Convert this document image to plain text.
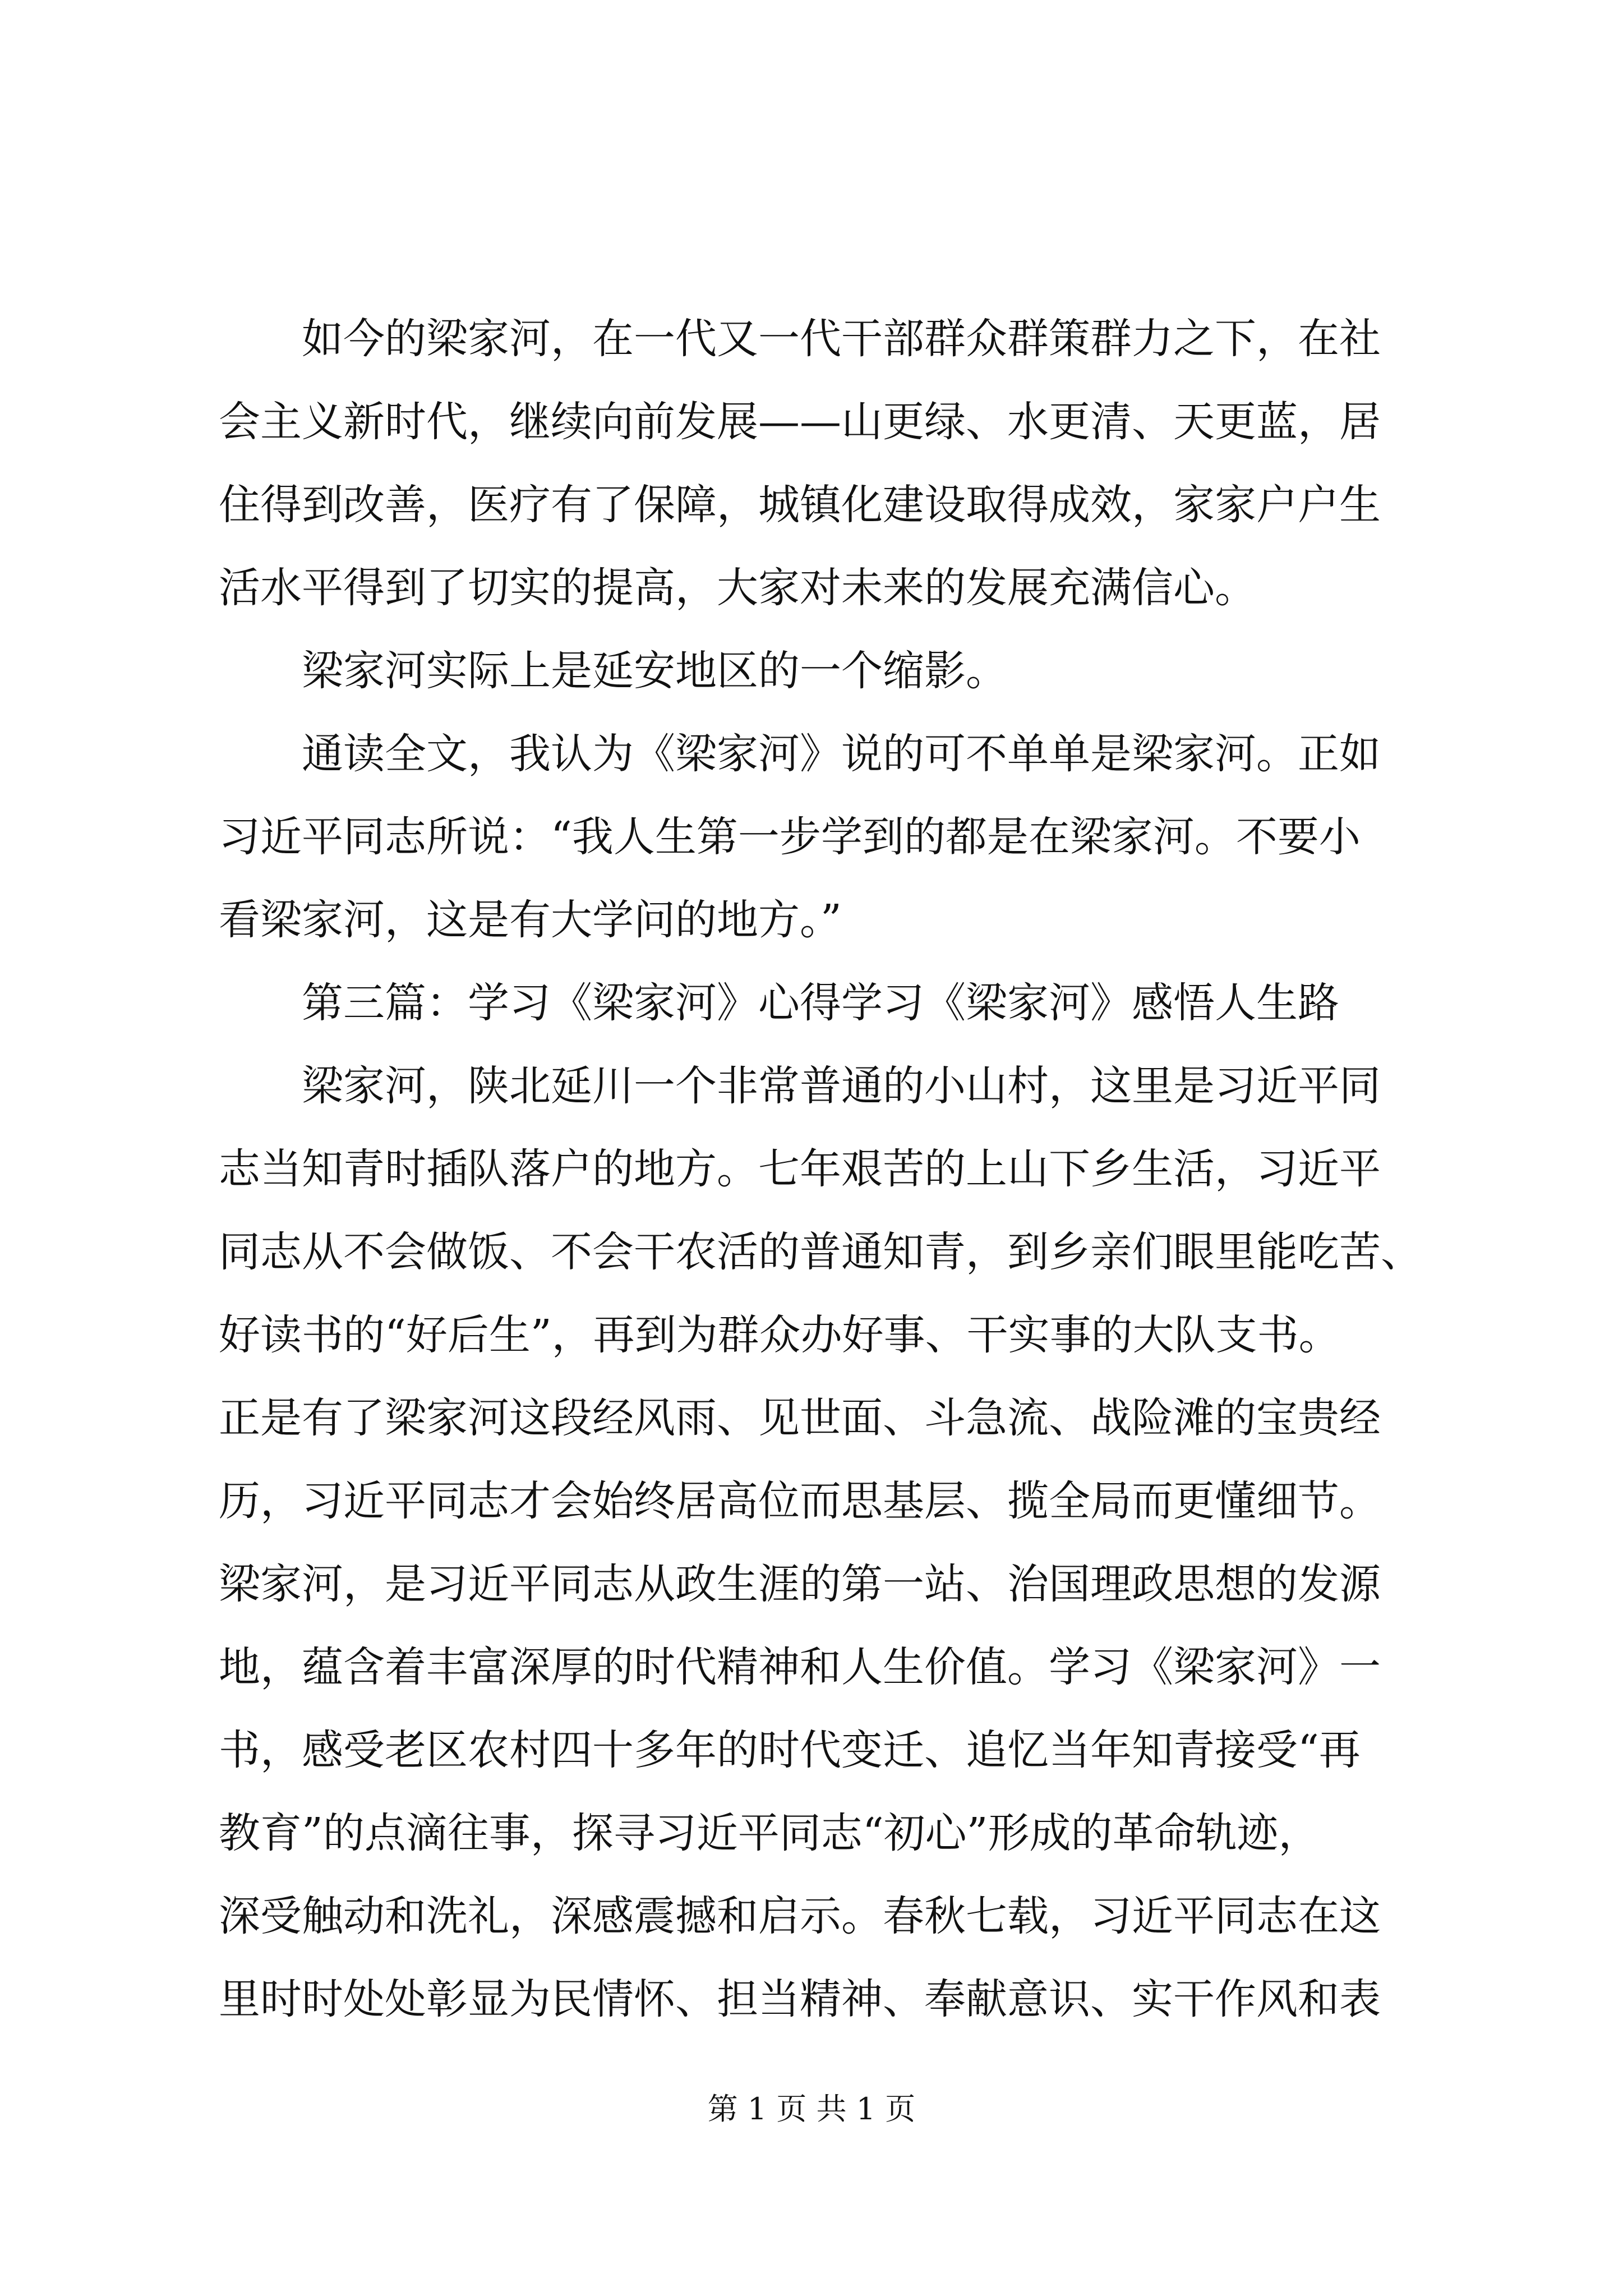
如今的梁家河，在一代又一代干部群众群策群力之下，在社
会主义新时代，继续向前发展——山更绿、水更清、天更蓝，居
住得到改善，医疗有了保障，城镇化建设取得成效，家家户户生
活水平得到了切实的提高，大家对未来的发展充满信心。
梁家河实际上是延安地区的一个缩影。
通读全文，我认为《梁家河》说的可不单单是梁家河。正如
习近平同志所说：“我人生第一步学到的都是在梁家河。不要小
看梁家河，这是有大学问的地方。”
第三篇：学习《梁家河》心得学习《梁家河》感悟人生路
梁家河，陕北延川一个非常普通的小山村，这里是习近平同
志当知青时插队落户的地方。七年艰苦的上山下乡生活，习近平
同志从不会做饭、不会干农活的普通知青，到乡亲们眼里能吃苦、
好读书的“好后生”，再到为群众办好事、干实事的大队支书。
正是有了梁家河这段经风雨、见世面、斗急流、战险滩的宝贵经
历，习近平同志才会始终居高位而思基层、揽全局而更懂细节。
梁家河，是习近平同志从政生涯的第一站、治国理政思想的发源
地，蕴含着丰富深厚的时代精神和人生价值。学习《梁家河》一
书，感受老区农村四十多年的时代变迁、追忆当年知青接受“再
教育”的点滴往事，探寻习近平同志“初心”形成的革命轨迹，
深受触动和洗礼，深感震撼和启示。春秋七载，习近平同志在这
里时时处处彰显为民情怀、担当精神、奉献意识、实干作风和表
第 1 页 共 1 页
